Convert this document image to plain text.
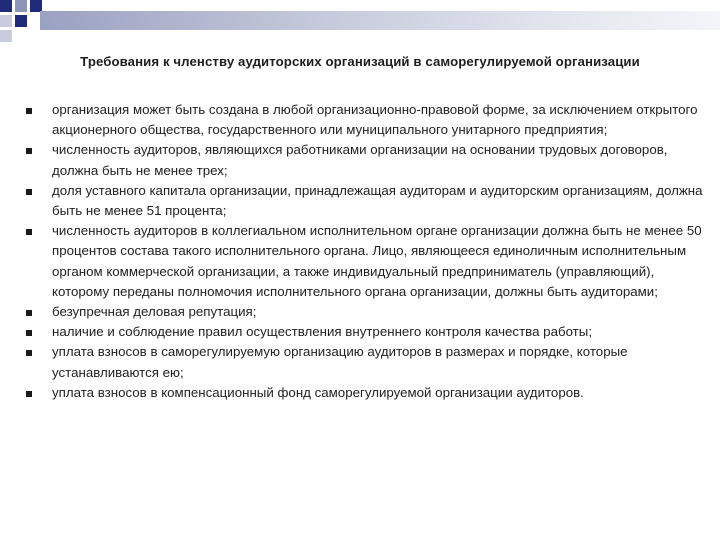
Требования к членству аудиторских организаций в саморегулируемой организации
организация может быть создана в любой организационно-правовой форме, за исключением открытого акционерного общества, государственного или муниципального унитарного предприятия;
численность аудиторов, являющихся работниками организации на основании трудовых договоров, должна быть не менее трех;
доля уставного капитала организации, принадлежащая аудиторам и аудиторским организациям, должна быть не менее 51 процента;
численность аудиторов в коллегиальном исполнительном органе организации должна быть не менее 50 процентов состава такого исполнительного органа. Лицо, являющееся единоличным исполнительным органом коммерческой организации, а также индивидуальный предприниматель (управляющий), которому переданы полномочия исполнительного органа организации, должны быть аудиторами;
безупречная деловая репутация;
наличие и соблюдение правил осуществления внутреннего контроля качества работы;
уплата взносов в саморегулируемую организацию аудиторов в размерах и порядке, которые устанавливаются ею;
уплата взносов в компенсационный фонд саморегулируемой организации аудиторов.
